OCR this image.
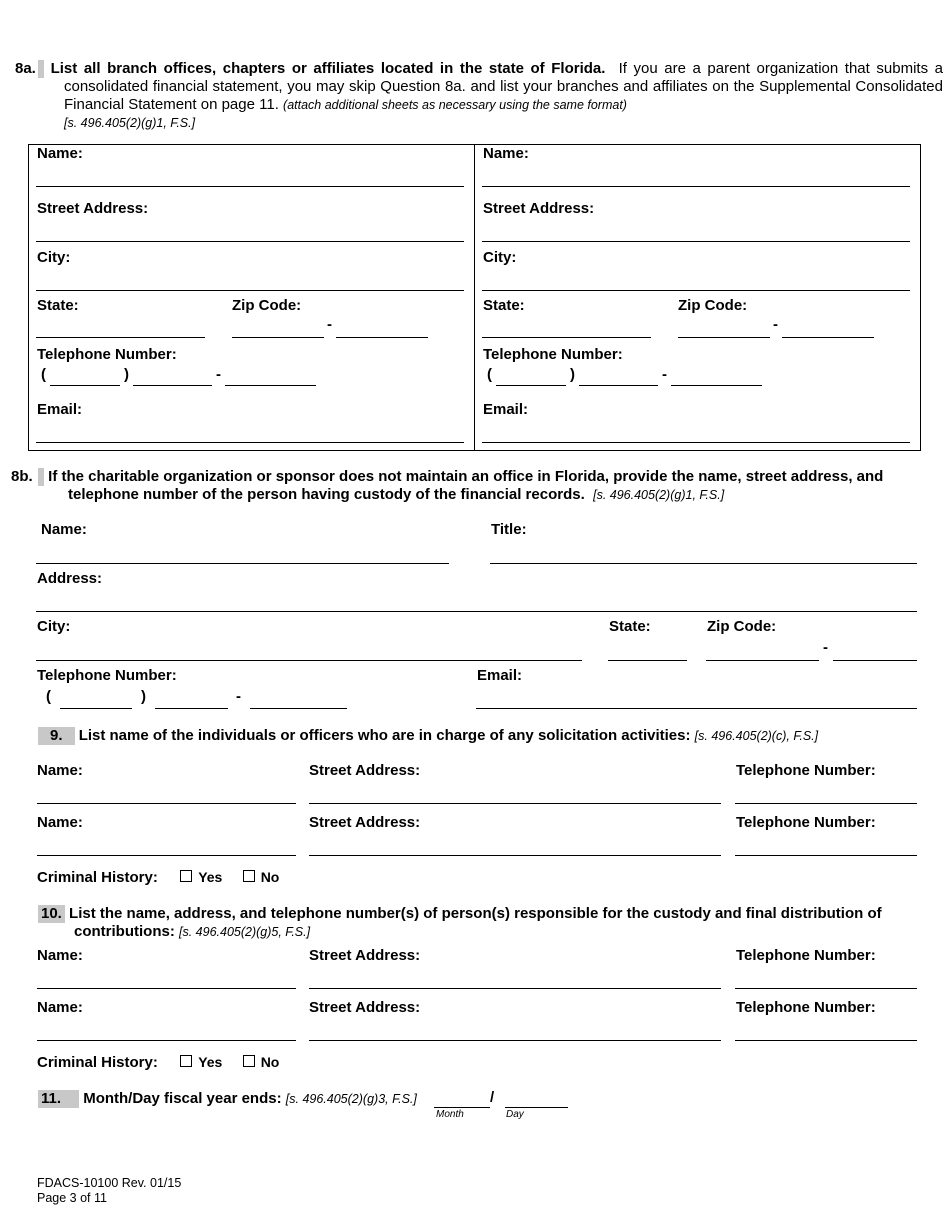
8a. List all branch offices, chapters or affiliates located in the state of Florida. If you are a parent organization that submits a consolidated financial statement, you may skip Question 8a. and list your branches and affiliates on the Supplemental Consolidated Financial Statement on page 11. (attach additional sheets as necessary using the same format)
[s. 496.405(2)(g)1, F.S.]
Name:
Street Address:
City:
State:	Zip Code:
-
Telephone Number:
(	)	-
Email:
Name:
Street Address:
City:
State:	Zip Code:
-
Telephone Number:
(	)	-
Email:
8b. If the charitable organization or sponsor does not maintain an office in Florida, provide the name, street address, and telephone number of the person having custody of the financial records. [s. 496.405(2)(g)1, F.S.]
Name:	Title:
Address:
City:	State:	Zip Code:
-
Telephone Number:
(	)	-
Email:
9. List name of the individuals or officers who are in charge of any solicitation activities: [s. 496.405(2)(c), F.S.]
Name:	Street Address:	Telephone Number:
Name:	Street Address:	Telephone Number:
Criminal History:	Yes	No
10. List the name, address, and telephone number(s) of person(s) responsible for the custody and final distribution of
contributions: [s. 496.405(2)(g)5, F.S.]
Name:	Street Address:	Telephone Number:
Name:	Street Address:	Telephone Number:
Criminal History:	Yes	No
11. Month/Day fiscal year ends: [s. 496.405(2)(g)3, F.S.]	/
Month	Day
FDACS-10100 Rev. 01/15
Page 3 of 11
